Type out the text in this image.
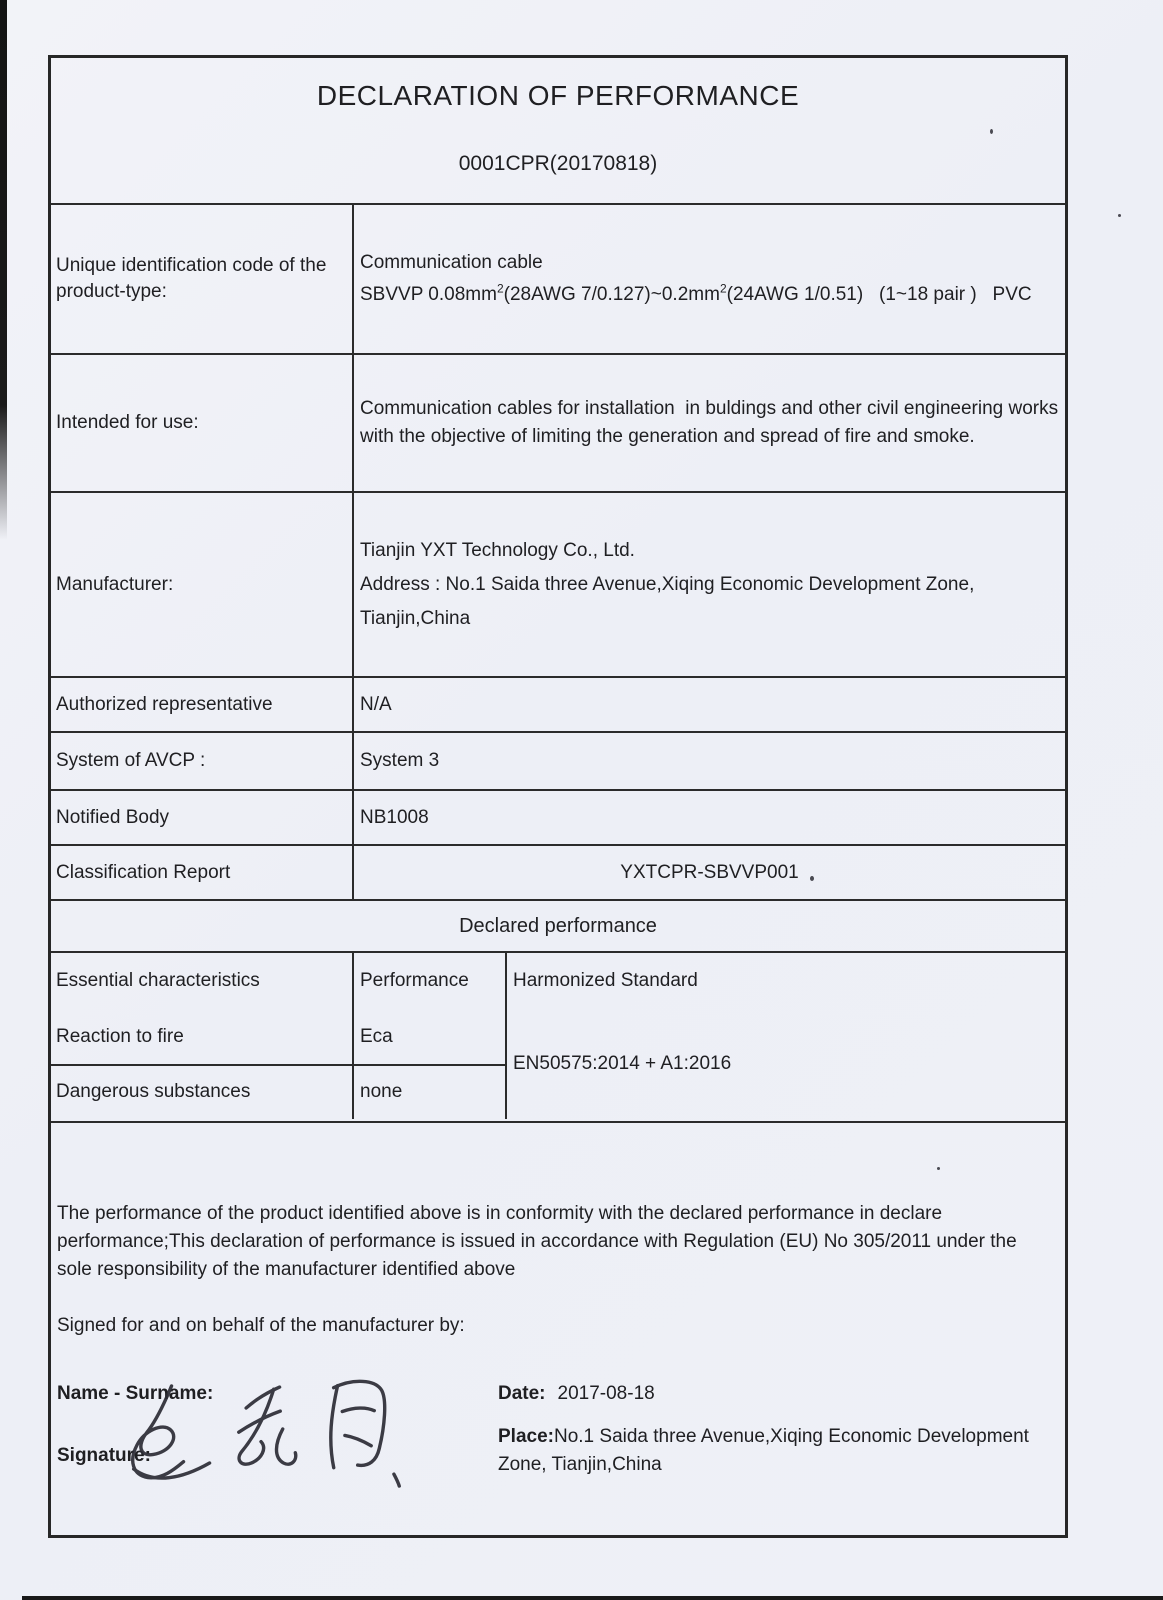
DECLARATION OF PERFORMANCE
0001CPR(20170818)
Unique identification code of the product-type:
Communication cable
SBVVP $0.08mm^2(28AWG$ $7/0.127)\sim 0.2mm^2(24AWG$ 1/0.51)   (1~18 pair )   PVC
Intended for use:
Communication cables for installation  in buldings and other civil engineering works
with the objective of limiting the generation and spread of fire and smoke.
Manufacturer:
Tianjin YXT Technology Co., Ltd.
Address : No.1 Saida three Avenue,Xiqing Economic Development Zone,
Tianjin,China
Authorized representative	N/A
System of AVCP :	System 3
Notified Body	NB1008
Classification Report	YXTCPR-SBVVP001
Declared performance
Essential characteristics	Performance	Harmonized Standard
Reaction to fire	Eca
Dangerous substances	none
EN50575:2014 + A1:2016
The performance of the product identified above is in conformity with the declared performance in declare
performance;This declaration of performance is issued in accordance with Regulation (EU) No 305/2011 under the
sole responsibility of the manufacturer identified above
Signed for and on behalf of the manufacturer by:
Name - Surname:	Date: 2017-08-18
Place:No.1 Saida three Avenue,Xiqing Economic Development Zone, Tianjin,China
Signature:
